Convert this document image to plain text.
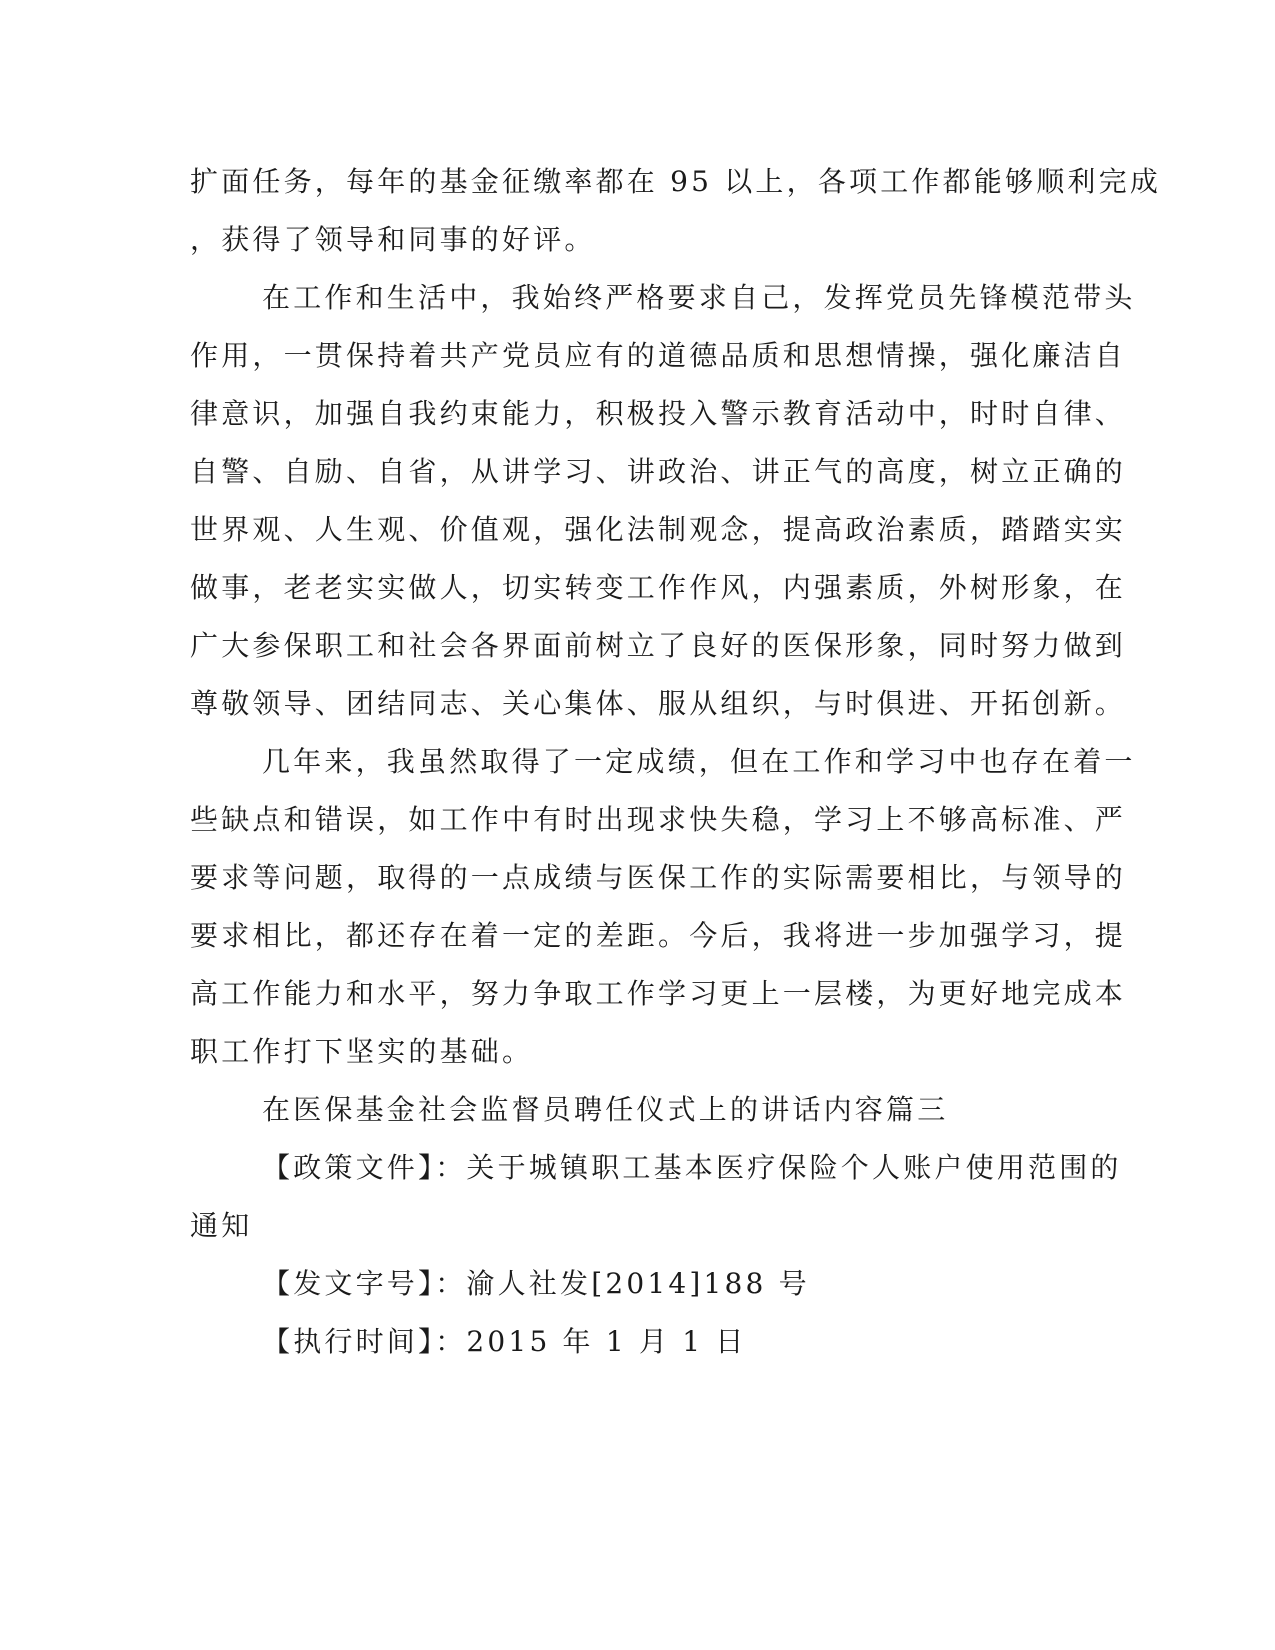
扩面任务，每年的基金征缴率都在 95 以上，各项工作都能够顺利完成
，获得了领导和同事的好评。
在工作和生活中，我始终严格要求自己，发挥党员先锋模范带头
作用，一贯保持着共产党员应有的道德品质和思想情操，强化廉洁自
律意识，加强自我约束能力，积极投入警示教育活动中，时时自律、
自警、自励、自省，从讲学习、讲政治、讲正气的高度，树立正确的
世界观、人生观、价值观，强化法制观念，提高政治素质，踏踏实实
做事，老老实实做人，切实转变工作作风，内强素质，外树形象，在
广大参保职工和社会各界面前树立了良好的医保形象，同时努力做到
尊敬领导、团结同志、关心集体、服从组织，与时俱进、开拓创新。
几年来，我虽然取得了一定成绩，但在工作和学习中也存在着一
些缺点和错误，如工作中有时出现求快失稳，学习上不够高标准、严
要求等问题，取得的一点成绩与医保工作的实际需要相比，与领导的
要求相比，都还存在着一定的差距。今后，我将进一步加强学习，提
高工作能力和水平，努力争取工作学习更上一层楼，为更好地完成本
职工作打下坚实的基础。
在医保基金社会监督员聘任仪式上的讲话内容篇三
【政策文件】：关于城镇职工基本医疗保险个人账户使用范围的
通知
【发文字号】：渝人社发[2014]188 号
【执行时间】：2015 年 1 月 1 日
